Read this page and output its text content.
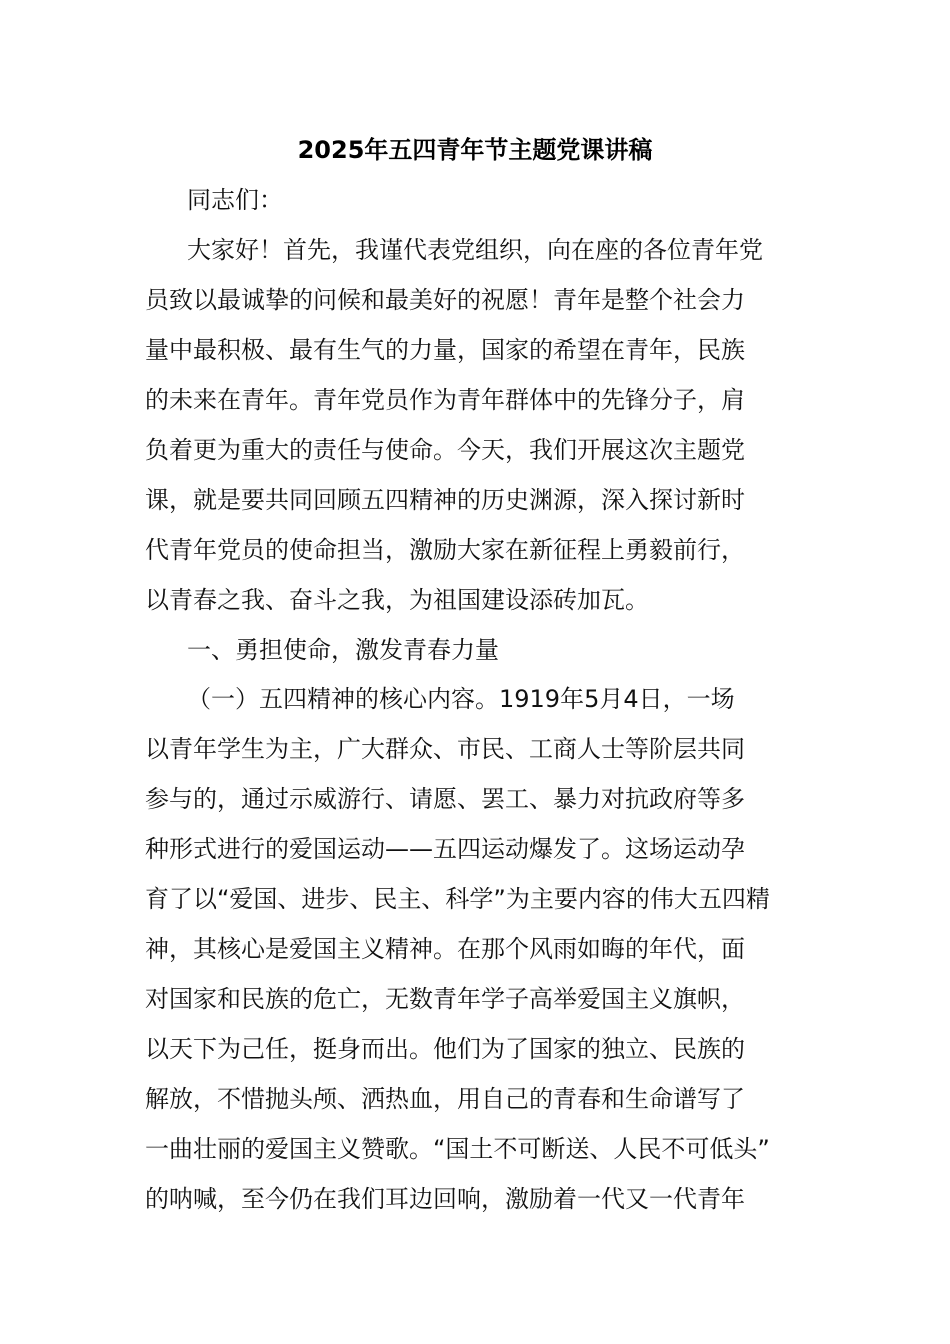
2025年五四青年节主题党课讲稿
同志们：
大家好！首先，我谨代表党组织，向在座的各位青年党
员致以最诚挚的问候和最美好的祝愿！青年是整个社会力
量中最积极、最有生气的力量，国家的希望在青年，民族
的未来在青年。青年党员作为青年群体中的先锋分子，肩
负着更为重大的责任与使命。今天，我们开展这次主题党
课，就是要共同回顾五四精神的历史渊源，深入探讨新时
代青年党员的使命担当，激励大家在新征程上勇毅前行，
以青春之我、奋斗之我，为祖国建设添砖加瓦。
一、勇担使命，激发青春力量
（一）五四精神的核心内容。1919年5月4日，一场
以青年学生为主，广大群众、市民、工商人士等阶层共同
参与的，通过示威游行、请愿、罢工、暴力对抗政府等多
种形式进行的爱国运动——五四运动爆发了。这场运动孕
育了以“爱国、进步、民主、科学”为主要内容的伟大五四精
神，其核心是爱国主义精神。在那个风雨如晦的年代，面
对国家和民族的危亡，无数青年学子高举爱国主义旗帜，
以天下为己任，挺身而出。他们为了国家的独立、民族的
解放，不惜抛头颅、洒热血，用自己的青春和生命谱写了
一曲壮丽的爱国主义赞歌。“国土不可断送、人民不可低头”
的呐喊，至今仍在我们耳边回响，激励着一代又一代青年
